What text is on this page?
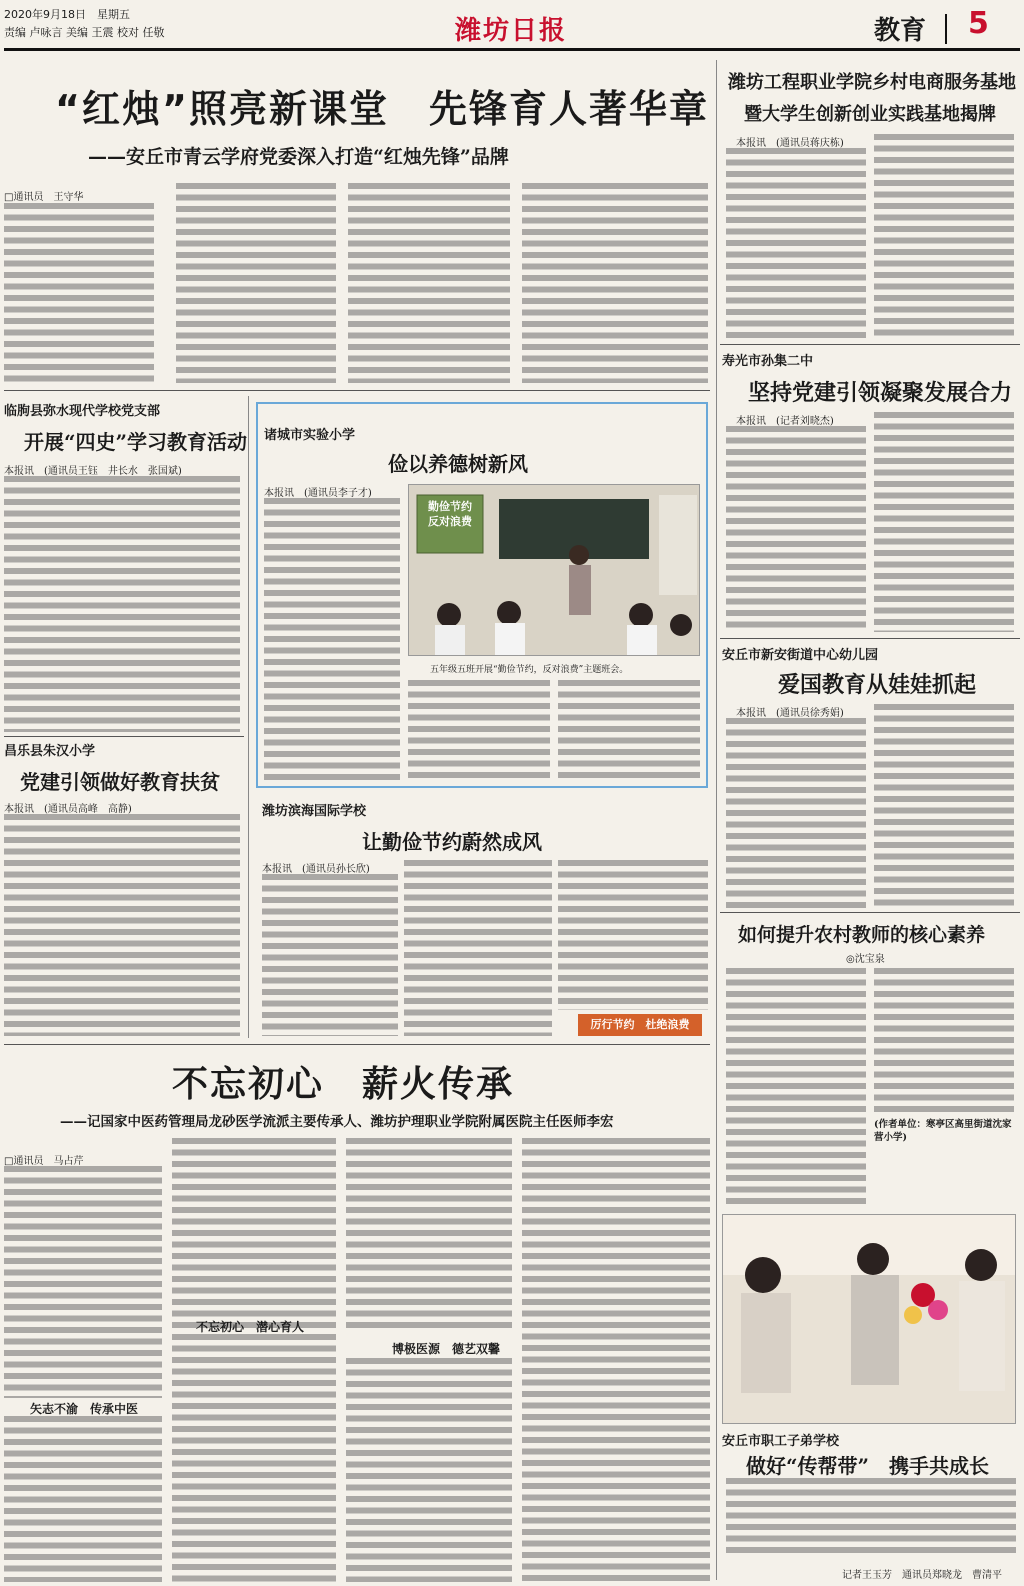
2020年9月18日　星期五
责编 卢咏言 美编 王震 校对 任敬	潍坊日报	教育 5
“红烛”照亮新课堂　先锋育人著华章
——安丘市青云学府党委深入打造“红烛先锋”品牌
□通讯员　王守华
临朐县弥水现代学校党支部
开展“四史”学习教育活动
本报讯　(通讯员王钰　井长水　张国斌)
昌乐县朱汉小学
党建引领做好教育扶贫
本报讯　(通讯员高峰　高静)
诸城市实验小学
俭以养德树新风
本报讯　(通讯员李子才)
勤俭节约 反对浪费
五年级五班开展“勤俭节约，反对浪费”主题班会。
潍坊滨海国际学校
让勤俭节约蔚然成风
本报讯　(通讯员孙长欣)
厉行节约　杜绝浪费
不忘初心　薪火传承
——记国家中医药管理局龙砂医学流派主要传承人、潍坊护理职业学院附属医院主任医师李宏
□通讯员　马占芹
矢志不渝　传承中医
不忘初心　潜心育人
博极医源　德艺双馨
潍坊工程职业学院乡村电商服务基地
暨大学生创新创业实践基地揭牌
本报讯　(通讯员蒋庆栋)
寿光市孙集二中
坚持党建引领凝聚发展合力
本报讯　(记者刘晓杰)
安丘市新安街道中心幼儿园
爱国教育从娃娃抓起
本报讯　(通讯员徐秀娟)
如何提升农村教师的核心素养
◎沈宝泉
(作者单位：寒亭区高里街道沈家营小学)
安丘市职工子弟学校
做好“传帮带”　携手共成长
记者王玉芳　通讯员郑晓龙　曹清平
